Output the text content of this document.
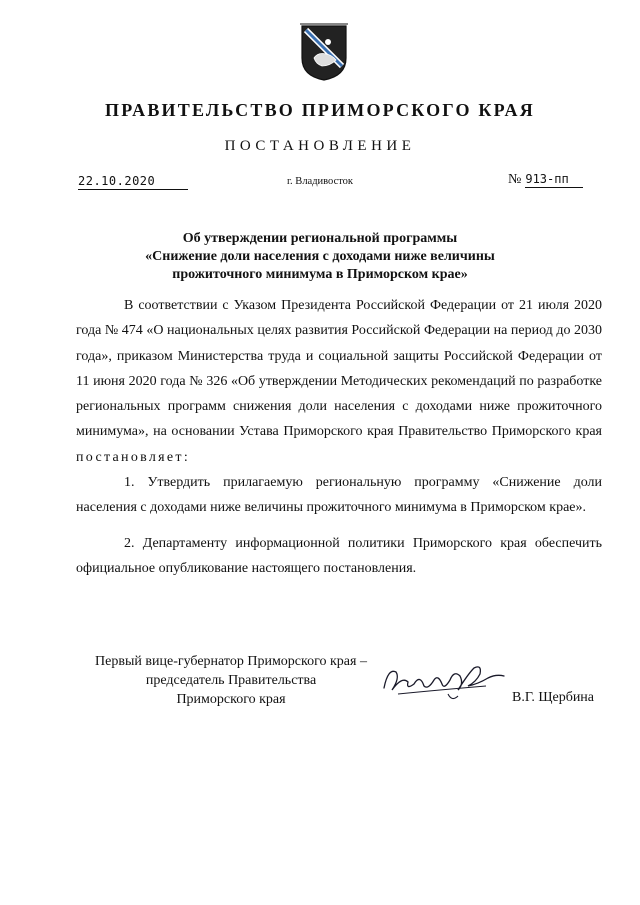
ПРАВИТЕЛЬСТВО ПРИМОРСКОГО КРАЯ
ПОСТАНОВЛЕНИЕ
22.10.2020	г. Владивосток	№ 913-пп
Об утверждении региональной программы
«Снижение доли населения с доходами ниже величины
прожиточного минимума в Приморском крае»

В соответствии с Указом Президента Российской Федерации от 21 июля 2020 года № 474 «О национальных целях развития Российской Федерации на период до 2030 года», приказом Министерства труда и социальной защиты Российской Федерации от 11 июня 2020 года № 326 «Об утверждении Методических рекомендаций по разработке региональных программ снижения доли населения с доходами ниже прожиточного минимума», на основании Устава Приморского края Правительство Приморского края постановляет:

1. Утвердить прилагаемую региональную программу «Снижение доли населения с доходами ниже величины прожиточного минимума в Приморском крае».

2. Департаменту информационной политики Приморского края обеспечить официальное опубликование настоящего постановления.

Первый вице-губернатор Приморского края –
председатель Правительства
Приморского края	В.Г. Щербина
